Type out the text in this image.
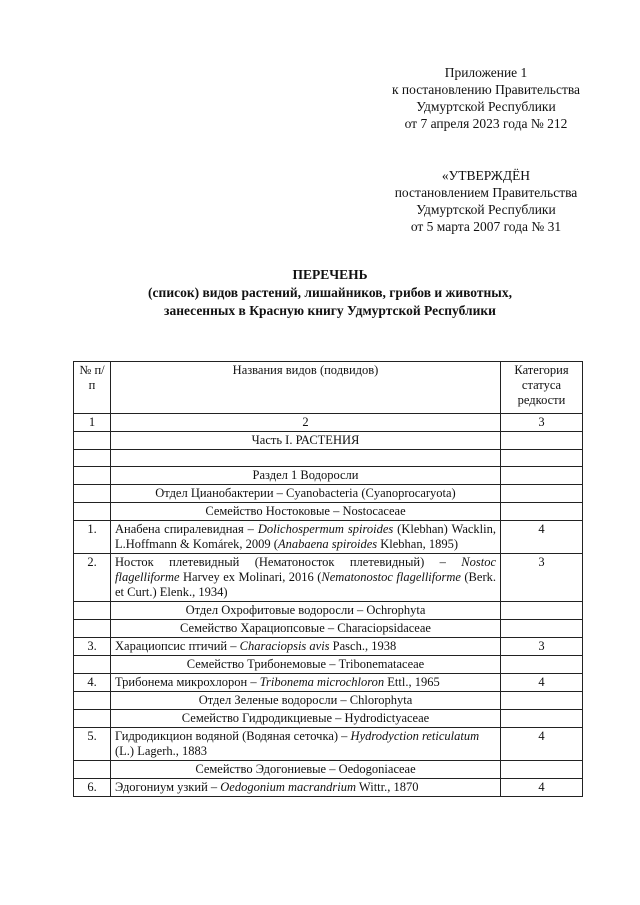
Приложение 1
к постановлению Правительства
Удмуртской Республики
от 7 апреля 2023 года № 212
«УТВЕРЖДЁН
постановлением Правительства
Удмуртской Республики
от 5 марта 2007 года № 31
ПЕРЕЧЕНЬ
(список) видов растений, лишайников, грибов и животных,
занесенных в Красную книгу Удмуртской Республики
№ п/п	Названия видов (подвидов)	Категория статуса редкости
1	2	3
	Часть I. РАСТЕНИЯ	

	Раздел 1 Водоросли	
	Отдел Цианобактерии – Cyanobacteria (Cyanoprocaryota)	
	Семейство Ностоковые – Nostocaceae	
1.	Анабена спиралевидная – Dolichospermum spiroides (Klebhan) Wacklin, L.Hoffmann & Komárek, 2009 (Anabaena spiroides Klebhan, 1895)	4
2.	Носток плетевидный (Нематоносток плетевидный) – Nostoc flagelliforme Harvey ex Molinari, 2016 (Nematonostoc flagelliforme (Berk. et Curt.) Elenk., 1934)	3
	Отдел Охрофитовые водоросли – Ochrophyta	
	Семейство Харациопсовые – Characiopsidaceae	
3.	Харациопсис птичий – Characiopsis avis Pasch., 1938	3
	Семейство Трибонемовые – Tribonemataceae	
4.	Трибонема микрохлорон – Tribonema microchloron Ettl., 1965	4
	Отдел Зеленые водоросли – Chlorophyta	
	Семейство Гидродикциевые – Hydrodictyaceae	
5.	Гидродикцион водяной (Водяная сеточка) – Hydrodyction reticulatum (L.) Lagerh., 1883	4
	Семейство Эдогониевые – Oedogoniaceae	
6.	Эдогониум узкий – Oedogonium macrandrium Wittr., 1870	4
